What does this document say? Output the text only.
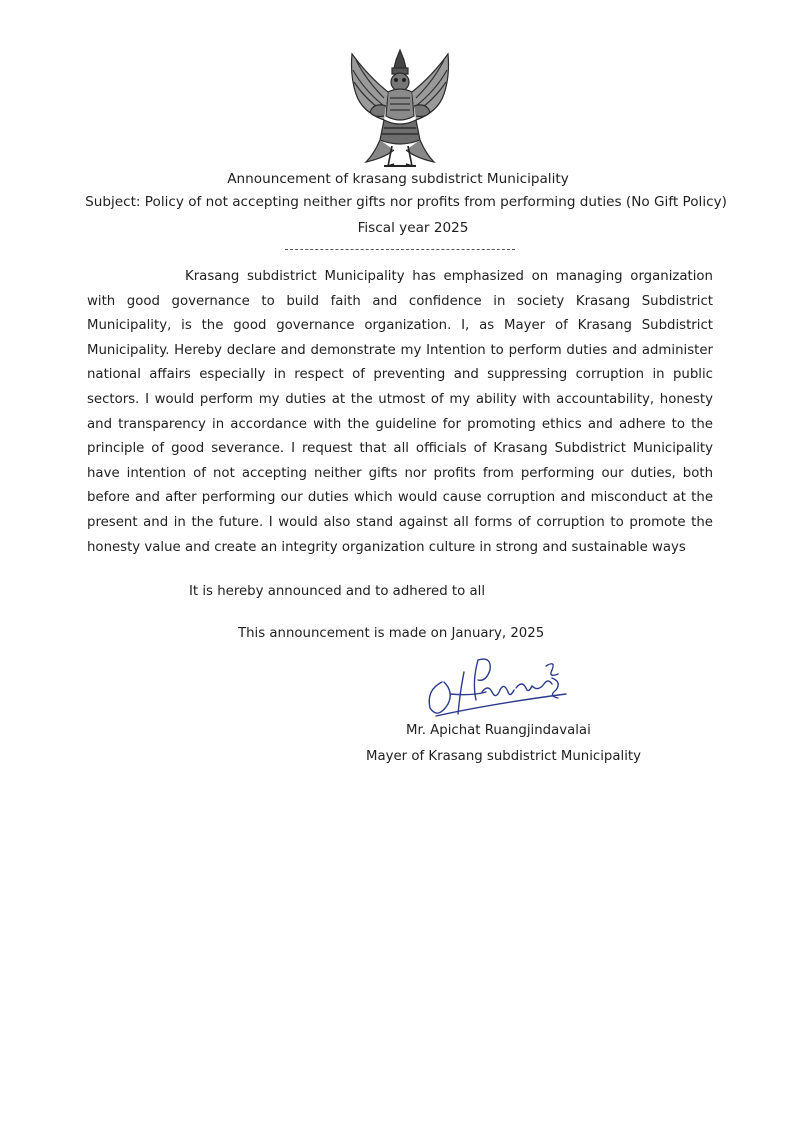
Announcement of krasang subdistrict Municipality
Subject: Policy of not accepting neither gifts nor profits from performing duties (No Gift Policy)
Fiscal year 2025

Krasang subdistrict Municipality has emphasized on managing organization with good governance to build faith and confidence in society Krasang Subdistrict Municipality, is the good governance organization. I, as Mayer of Krasang Subdistrict Municipality. Hereby declare and demonstrate my Intention to perform duties and administer national affairs especially in respect of preventing and suppressing corruption in public sectors. I would perform my duties at the utmost of my ability with accountability, honesty and transparency in accordance with the guideline for promoting ethics and adhere to the principle of good severance. I request that all officials of Krasang Subdistrict Municipality have intention of not accepting neither gifts nor profits from performing our duties, both before and after performing our duties which would cause corruption and misconduct at the present and in the future. I would also stand against all forms of corruption to promote the honesty value and create an integrity organization culture in strong and sustainable ways

It is hereby announced and to adhered to all
This announcement is made on January, 2025
Mr. Apichat Ruangjindavalai
Mayer of Krasang subdistrict Municipality
